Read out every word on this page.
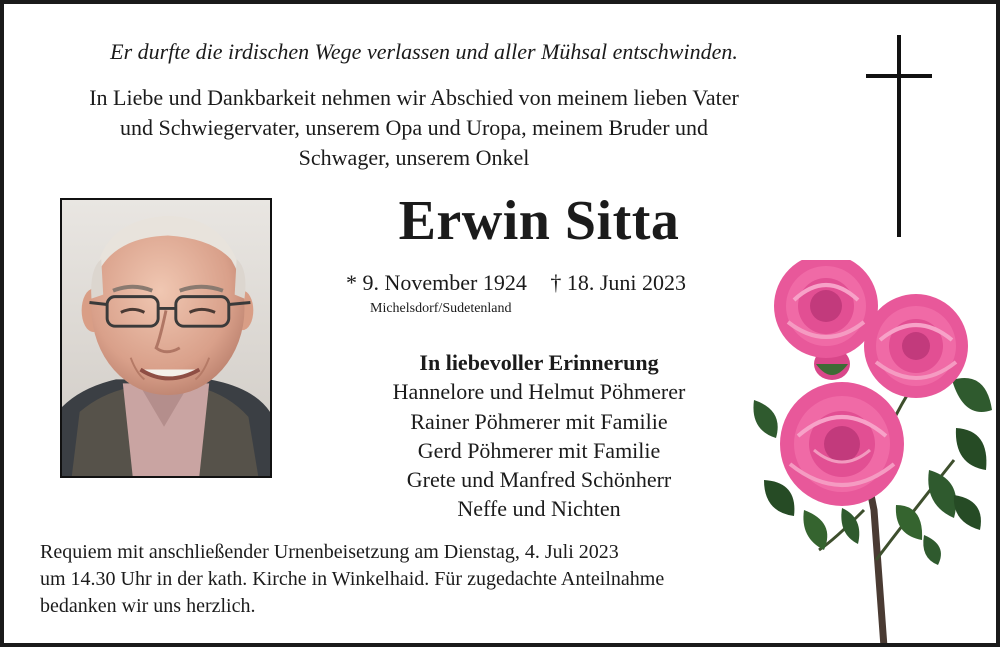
Er durfte die irdischen Wege verlassen und aller Mühsal entschwinden.
In Liebe und Dankbarkeit nehmen wir Abschied von meinem lieben Vater
und Schwiegervater, unserem Opa und Uropa, meinem Bruder und
Schwager, unserem Onkel
Erwin Sitta
* 9. November 1924 † 18. Juni 2023
Michelsdorf/Sudetenland
In liebevoller Erinnerung
Hannelore und Helmut Pöhmerer
Rainer Pöhmerer mit Familie
Gerd Pöhmerer mit Familie
Grete und Manfred Schönherr
Neffe und Nichten
Requiem mit anschließender Urnenbeisetzung am Dienstag, 4. Juli 2023
um 14.30 Uhr in der kath. Kirche in Winkelhaid. Für zugedachte Anteilnahme
bedanken wir uns herzlich.
